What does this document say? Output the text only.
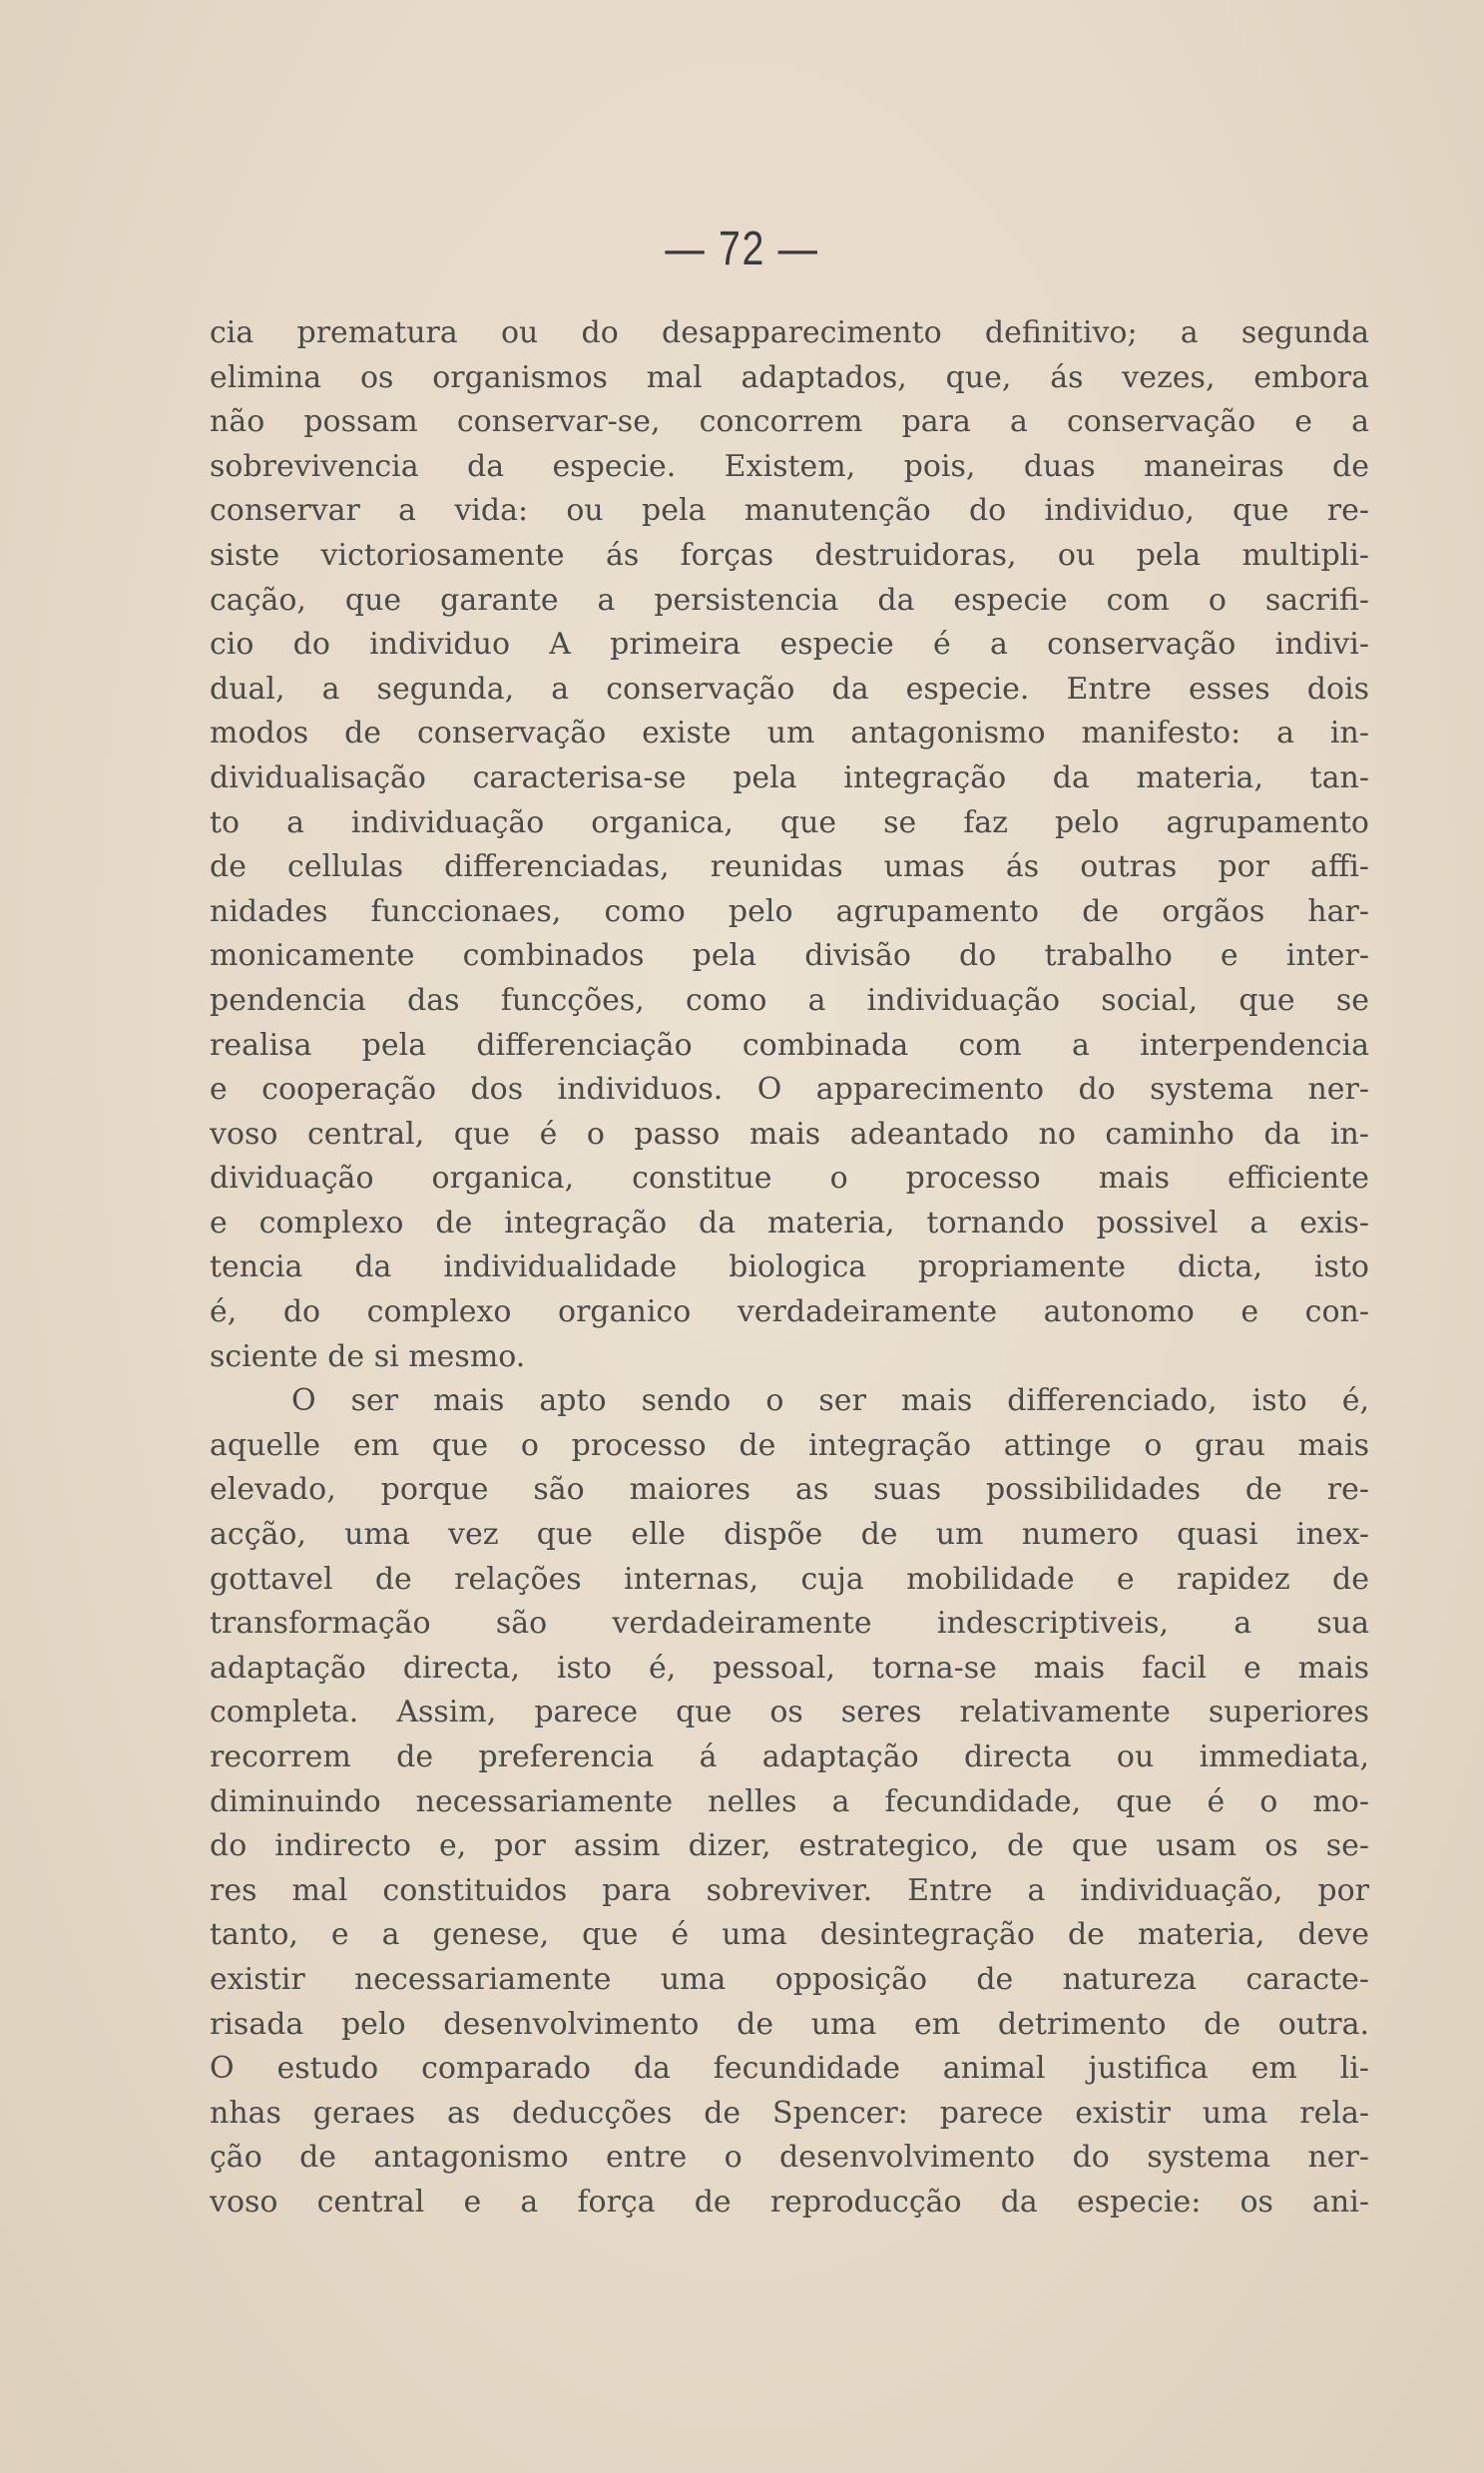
— 72 —
cia prematura ou do desapparecimento definitivo; a segunda
elimina os organismos mal adaptados, que, ás vezes, embora
não possam conservar-se, concorrem para a conservação e a
sobrevivencia da especie. Existem, pois, duas maneiras de
conservar a vida: ou pela manutenção do individuo, que re-
siste victoriosamente ás forças destruidoras, ou pela multipli-
cação, que garante a persistencia da especie com o sacrifi-
cio do individuo A primeira especie é a conservação indivi-
dual, a segunda, a conservação da especie. Entre esses dois
modos de conservação existe um antagonismo manifesto: a in-
dividualisação caracterisa-se pela integração da materia, tan-
to a individuação organica, que se faz pelo agrupamento
de cellulas differenciadas, reunidas umas ás outras por affi-
nidades funccionaes, como pelo agrupamento de orgãos har-
monicamente combinados pela divisão do trabalho e inter-
pendencia das funcções, como a individuação social, que se
realisa pela differenciação combinada com a interpendencia
e cooperação dos individuos. O apparecimento do systema ner-
voso central, que é o passo mais adeantado no caminho da in-
dividuação organica, constitue o processo mais efficiente
e complexo de integração da materia, tornando possivel a exis-
tencia da individualidade biologica propriamente dicta, isto
é, do complexo organico verdadeiramente autonomo e con-
sciente de si mesmo.
O ser mais apto sendo o ser mais differenciado, isto é,
aquelle em que o processo de integração attinge o grau mais
elevado, porque são maiores as suas possibilidades de re-
acção, uma vez que elle dispõe de um numero quasi inex-
gottavel de relações internas, cuja mobilidade e rapidez de
transformação são verdadeiramente indescriptiveis, a sua
adaptação directa, isto é, pessoal, torna-se mais facil e mais
completa. Assim, parece que os seres relativamente superiores
recorrem de preferencia á adaptação directa ou immediata,
diminuindo necessariamente nelles a fecundidade, que é o mo-
do indirecto e, por assim dizer, estrategico, de que usam os se-
res mal constituidos para sobreviver. Entre a individuação, por
tanto, e a genese, que é uma desintegração de materia, deve
existir necessariamente uma opposição de natureza caracte-
risada pelo desenvolvimento de uma em detrimento de outra.
O estudo comparado da fecundidade animal justifica em li-
nhas geraes as deducções de Spencer: parece existir uma rela-
ção de antagonismo entre o desenvolvimento do systema ner-
voso central e a força de reproducção da especie: os ani-
